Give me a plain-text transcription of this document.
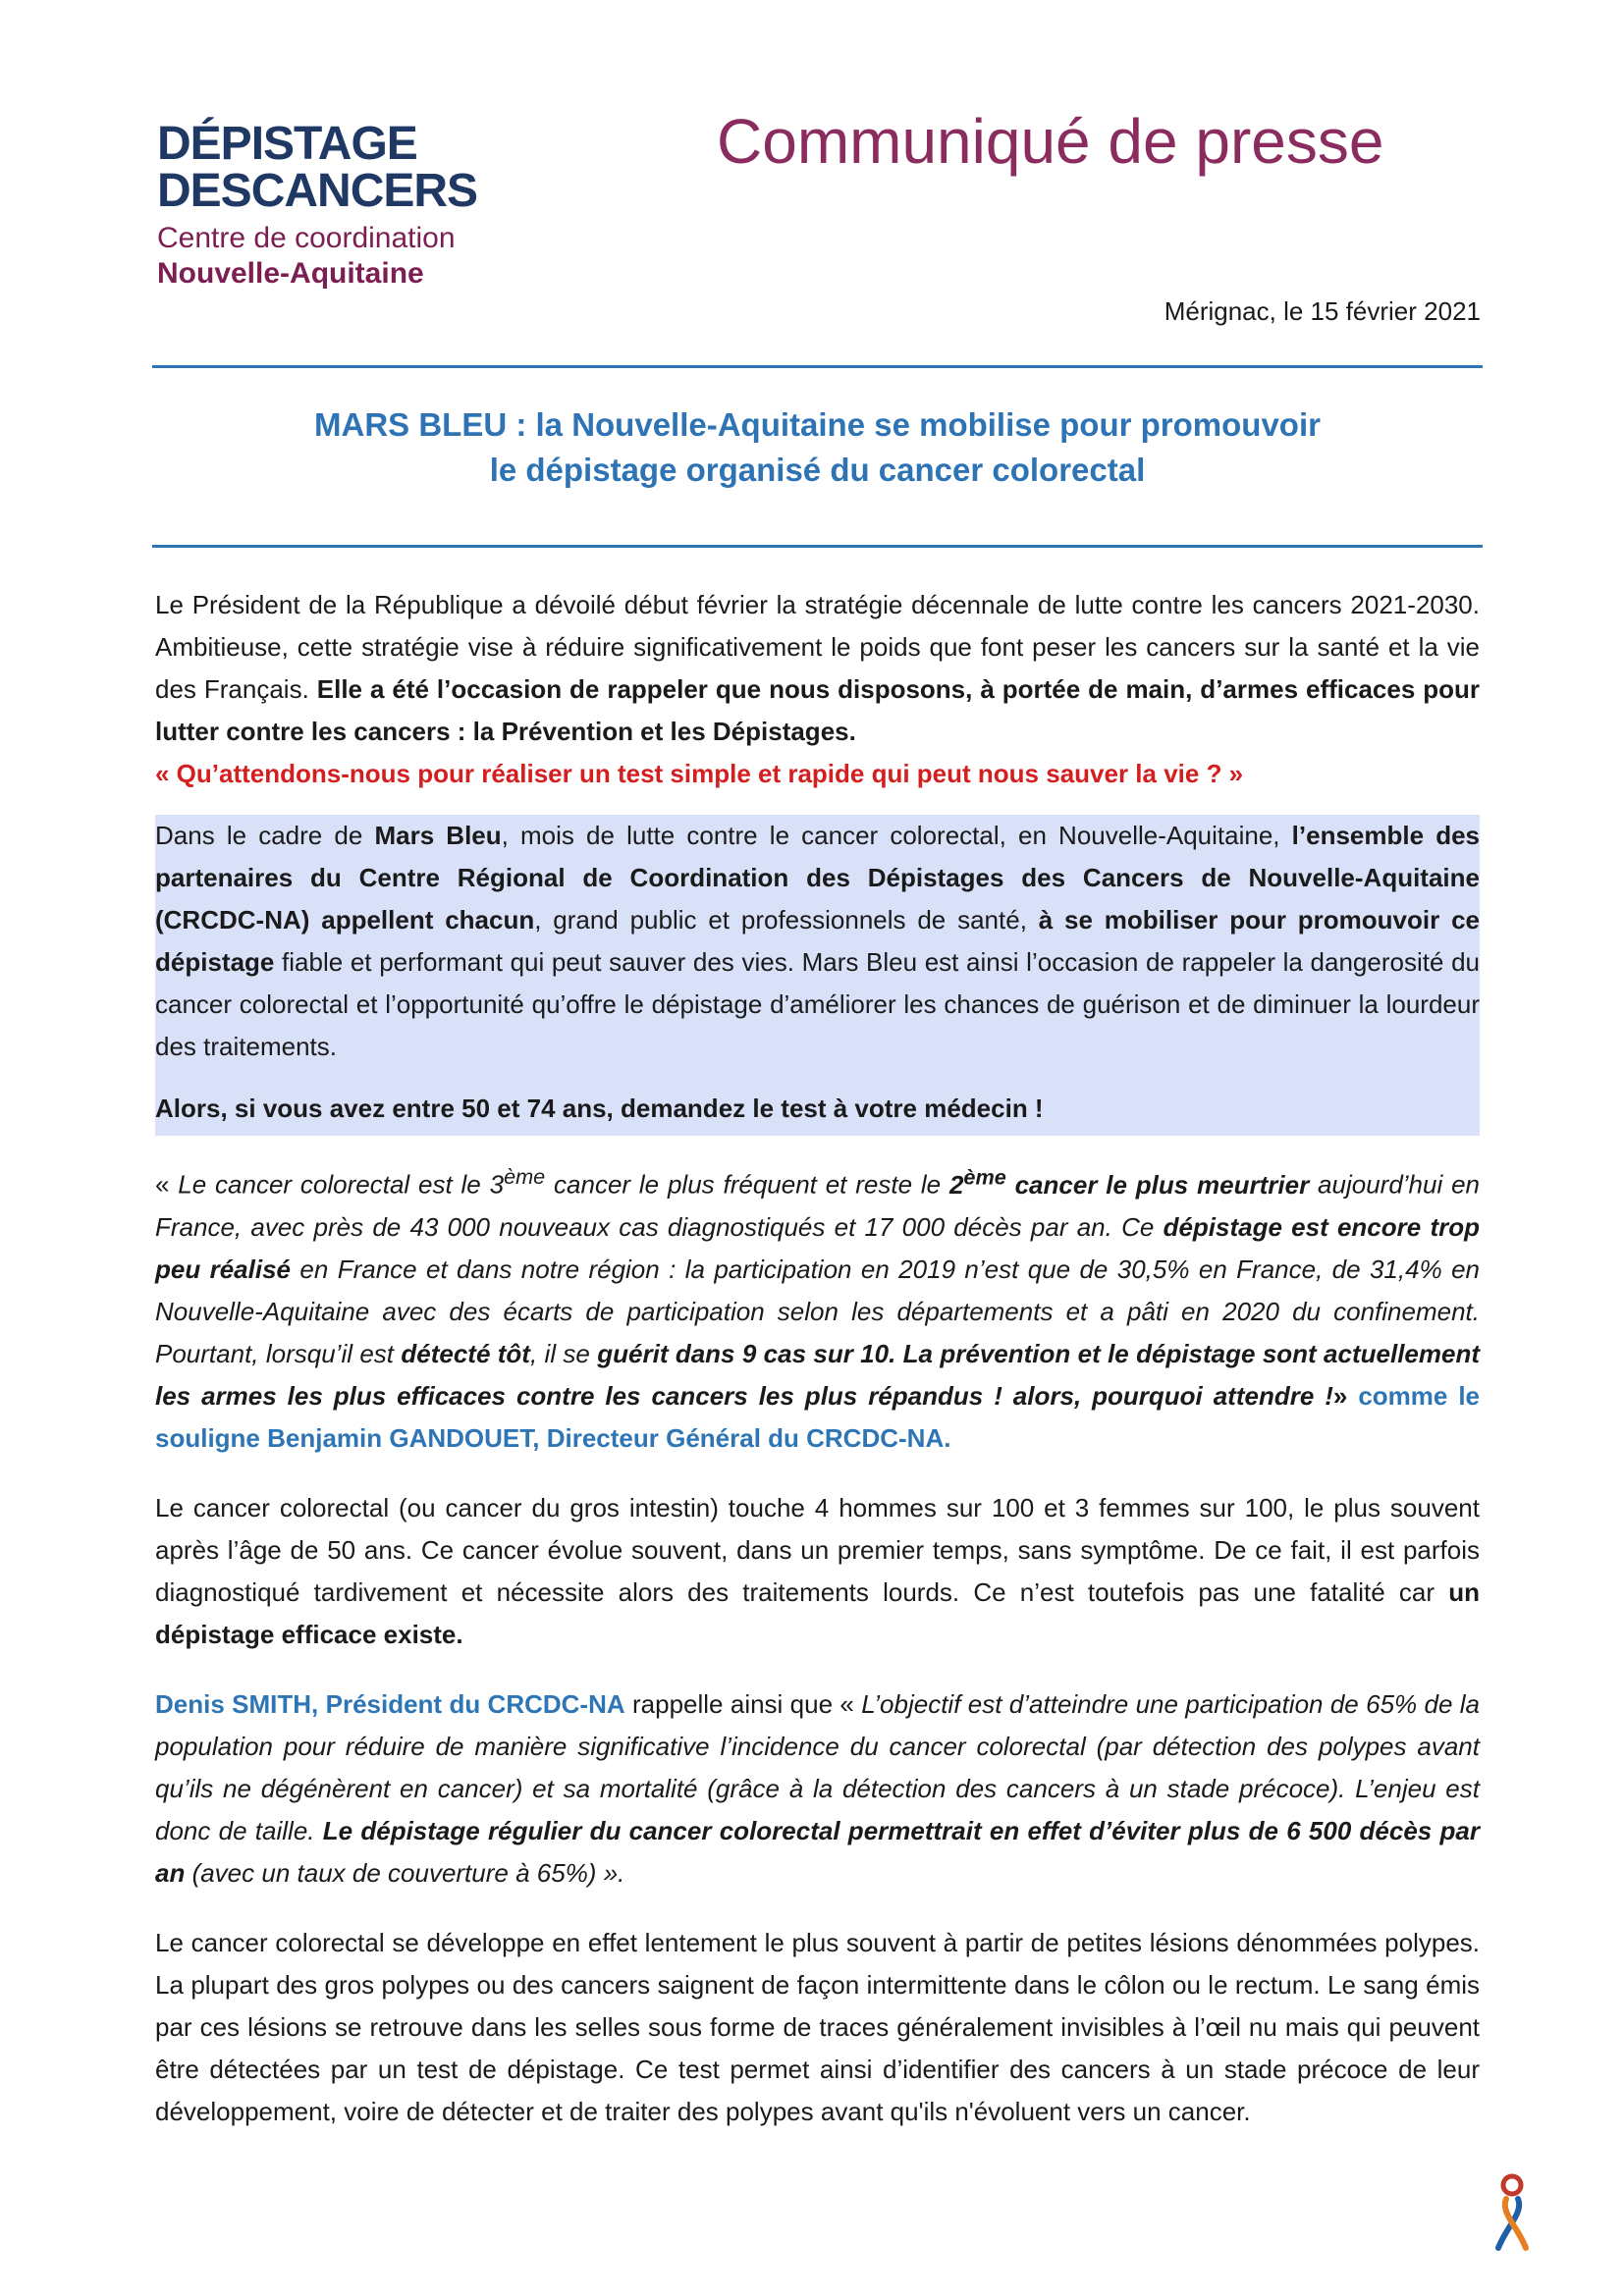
DÉPISTAGE
DESCANCERS
Centre de coordination
Nouvelle-Aquitaine
Communiqué de presse
Mérignac, le 15 février 2021
MARS BLEU : la Nouvelle-Aquitaine se mobilise pour promouvoir
le dépistage organisé du cancer colorectal

Le Président de la République a dévoilé début février la stratégie décennale de lutte contre les cancers 2021-2030. Ambitieuse, cette stratégie vise à réduire significativement le poids que font peser les cancers sur la santé et la vie des Français. Elle a été l’occasion de rappeler que nous disposons, à portée de main, d’armes efficaces pour lutter contre les cancers : la Prévention et les Dépistages.

« Qu’attendons-nous pour réaliser un test simple et rapide qui peut nous sauver la vie ? »

Dans le cadre de Mars Bleu, mois de lutte contre le cancer colorectal, en Nouvelle-Aquitaine, l’ensemble des partenaires du Centre Régional de Coordination des Dépistages des Cancers de Nouvelle-Aquitaine (CRCDC-NA) appellent chacun, grand public et professionnels de santé, à se mobiliser pour promouvoir ce dépistage fiable et performant qui peut sauver des vies. Mars Bleu est ainsi l’occasion de rappeler la dangerosité du cancer colorectal et l’opportunité qu’offre le dépistage d’améliorer les chances de guérison et de diminuer la lourdeur des traitements.

Alors, si vous avez entre 50 et 74 ans, demandez le test à votre médecin !

« Le cancer colorectal est le 3ème cancer le plus fréquent et reste le 2ème cancer le plus meurtrier aujourd’hui en France, avec près de 43 000 nouveaux cas diagnostiqués et 17 000 décès par an. Ce dépistage est encore trop peu réalisé en France et dans notre région : la participation en 2019 n’est que de 30,5% en France, de 31,4% en Nouvelle-Aquitaine avec des écarts de participation selon les départements et a pâti en 2020 du confinement. Pourtant, lorsqu’il est détecté tôt, il se guérit dans 9 cas sur 10. La prévention et le dépistage sont actuellement les armes les plus efficaces contre les cancers les plus répandus ! alors, pourquoi attendre !» comme le souligne Benjamin GANDOUET, Directeur Général du CRCDC-NA.

Le cancer colorectal (ou cancer du gros intestin) touche 4 hommes sur 100 et 3 femmes sur 100, le plus souvent après l’âge de 50 ans. Ce cancer évolue souvent, dans un premier temps, sans symptôme. De ce fait, il est parfois diagnostiqué tardivement et nécessite alors des traitements lourds. Ce n’est toutefois pas une fatalité car un dépistage efficace existe.

Denis SMITH, Président du CRCDC-NA rappelle ainsi que « L’objectif est d’atteindre une participation de 65% de la population pour réduire de manière significative l’incidence du cancer colorectal (par détection des polypes avant qu’ils ne dégénèrent en cancer) et sa mortalité (grâce à la détection des cancers à un stade précoce). L’enjeu est donc de taille. Le dépistage régulier du cancer colorectal permettrait en effet d’éviter plus de 6 500 décès par an (avec un taux de couverture à 65%) ».

Le cancer colorectal se développe en effet lentement le plus souvent à partir de petites lésions dénommées polypes. La plupart des gros polypes ou des cancers saignent de façon intermittente dans le côlon ou le rectum. Le sang émis par ces lésions se retrouve dans les selles sous forme de traces généralement invisibles à l’œil nu mais qui peuvent être détectées par un test de dépistage. Ce test permet ainsi d’identifier des cancers à un stade précoce de leur développement, voire de détecter et de traiter des polypes avant qu'ils n'évoluent vers un cancer.
